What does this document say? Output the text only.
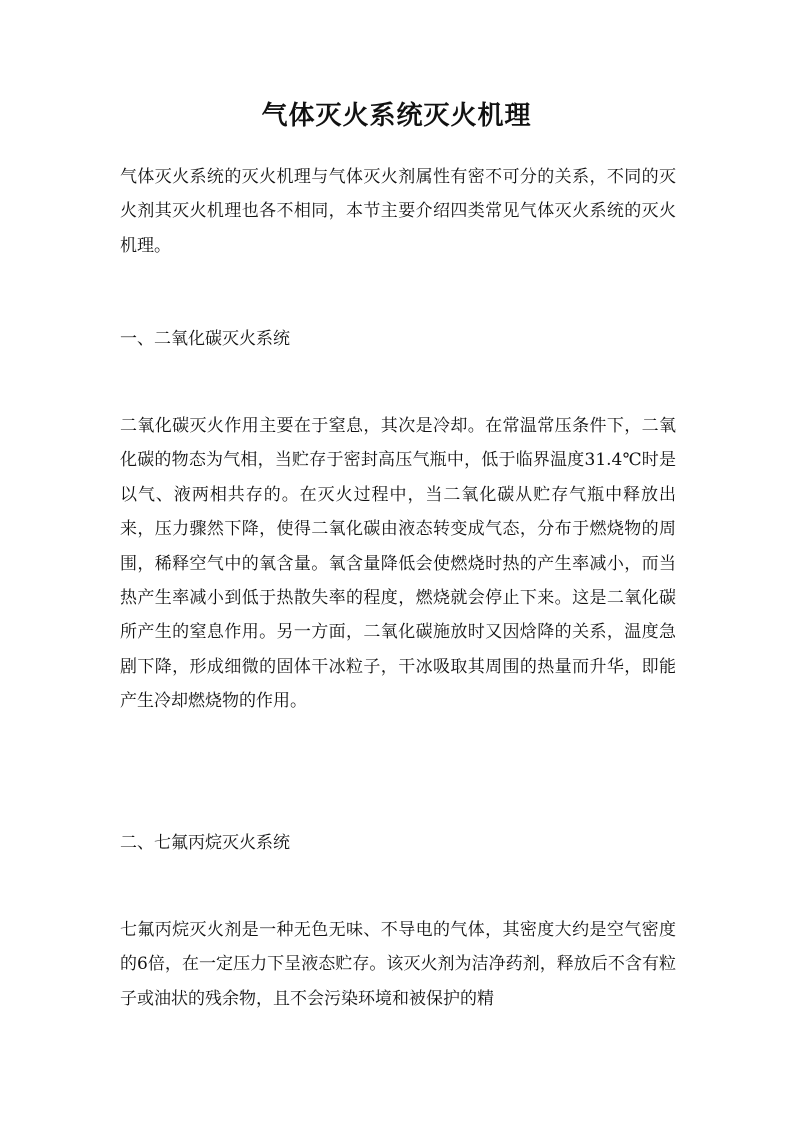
气体灭火系统灭火机理

气体灭火系统的灭火机理与气体灭火剂属性有密不可分的关系，不同的灭火剂其灭火机理也各不相同，本节主要介绍四类常见气体灭火系统的灭火机理。

一、二氧化碳灭火系统

二氧化碳灭火作用主要在于窒息，其次是冷却。在常温常压条件下，二氧化碳的物态为气相，当贮存于密封高压气瓶中，低于临界温度31.4℃时是以气、液两相共存的。在灭火过程中，当二氧化碳从贮存气瓶中释放出来，压力骤然下降，使得二氧化碳由液态转变成气态，分布于燃烧物的周围，稀释空气中的氧含量。氧含量降低会使燃烧时热的产生率减小，而当热产生率减小到低于热散失率的程度，燃烧就会停止下来。这是二氧化碳所产生的窒息作用。另一方面，二氧化碳施放时又因焓降的关系，温度急剧下降，形成细微的固体干冰粒子，干冰吸取其周围的热量而升华，即能产生冷却燃烧物的作用。

二、七氟丙烷灭火系统

七氟丙烷灭火剂是一种无色无味、不导电的气体，其密度大约是空气密度的6倍，在一定压力下呈液态贮存。该灭火剂为洁净药剂，释放后不含有粒子或油状的残余物，且不会污染环境和被保护的精
